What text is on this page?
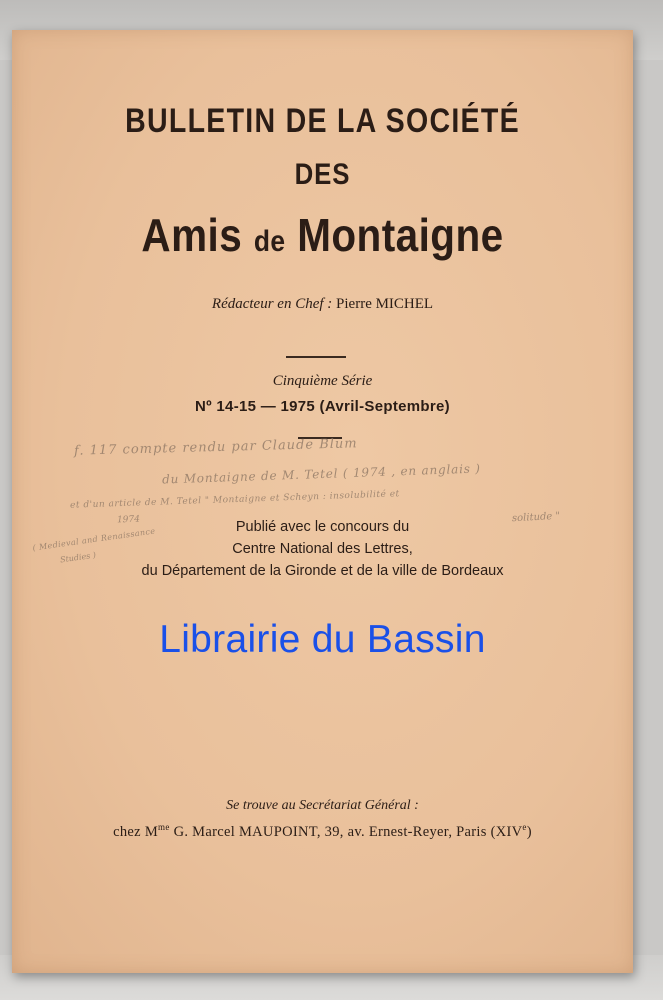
BULLETIN DE LA SOCIÉTÉ
DES
Amis de Montaigne
Rédacteur en Chef : Pierre MICHEL
Cinquième Série
Nº 14-15 — 1975 (Avril-Septembre)
f. 117 compte rendu par Claude Blum
du Montaigne de M. Tetel ( 1974 , en anglais )
et d'un article de M. Tetel " Montaigne et Scheyn : insolubilité et
1974	solitude "
( Medieval and Renaissance
Studies )
Publié avec le concours du
Centre National des Lettres,
du Département de la Gironde et de la ville de Bordeaux
Librairie du Bassin
Se trouve au Secrétariat Général :
chez $M^{me}$ G. Marcel MAUPOINT, 39, av. Ernest-Reyer, Paris (XIVe)
